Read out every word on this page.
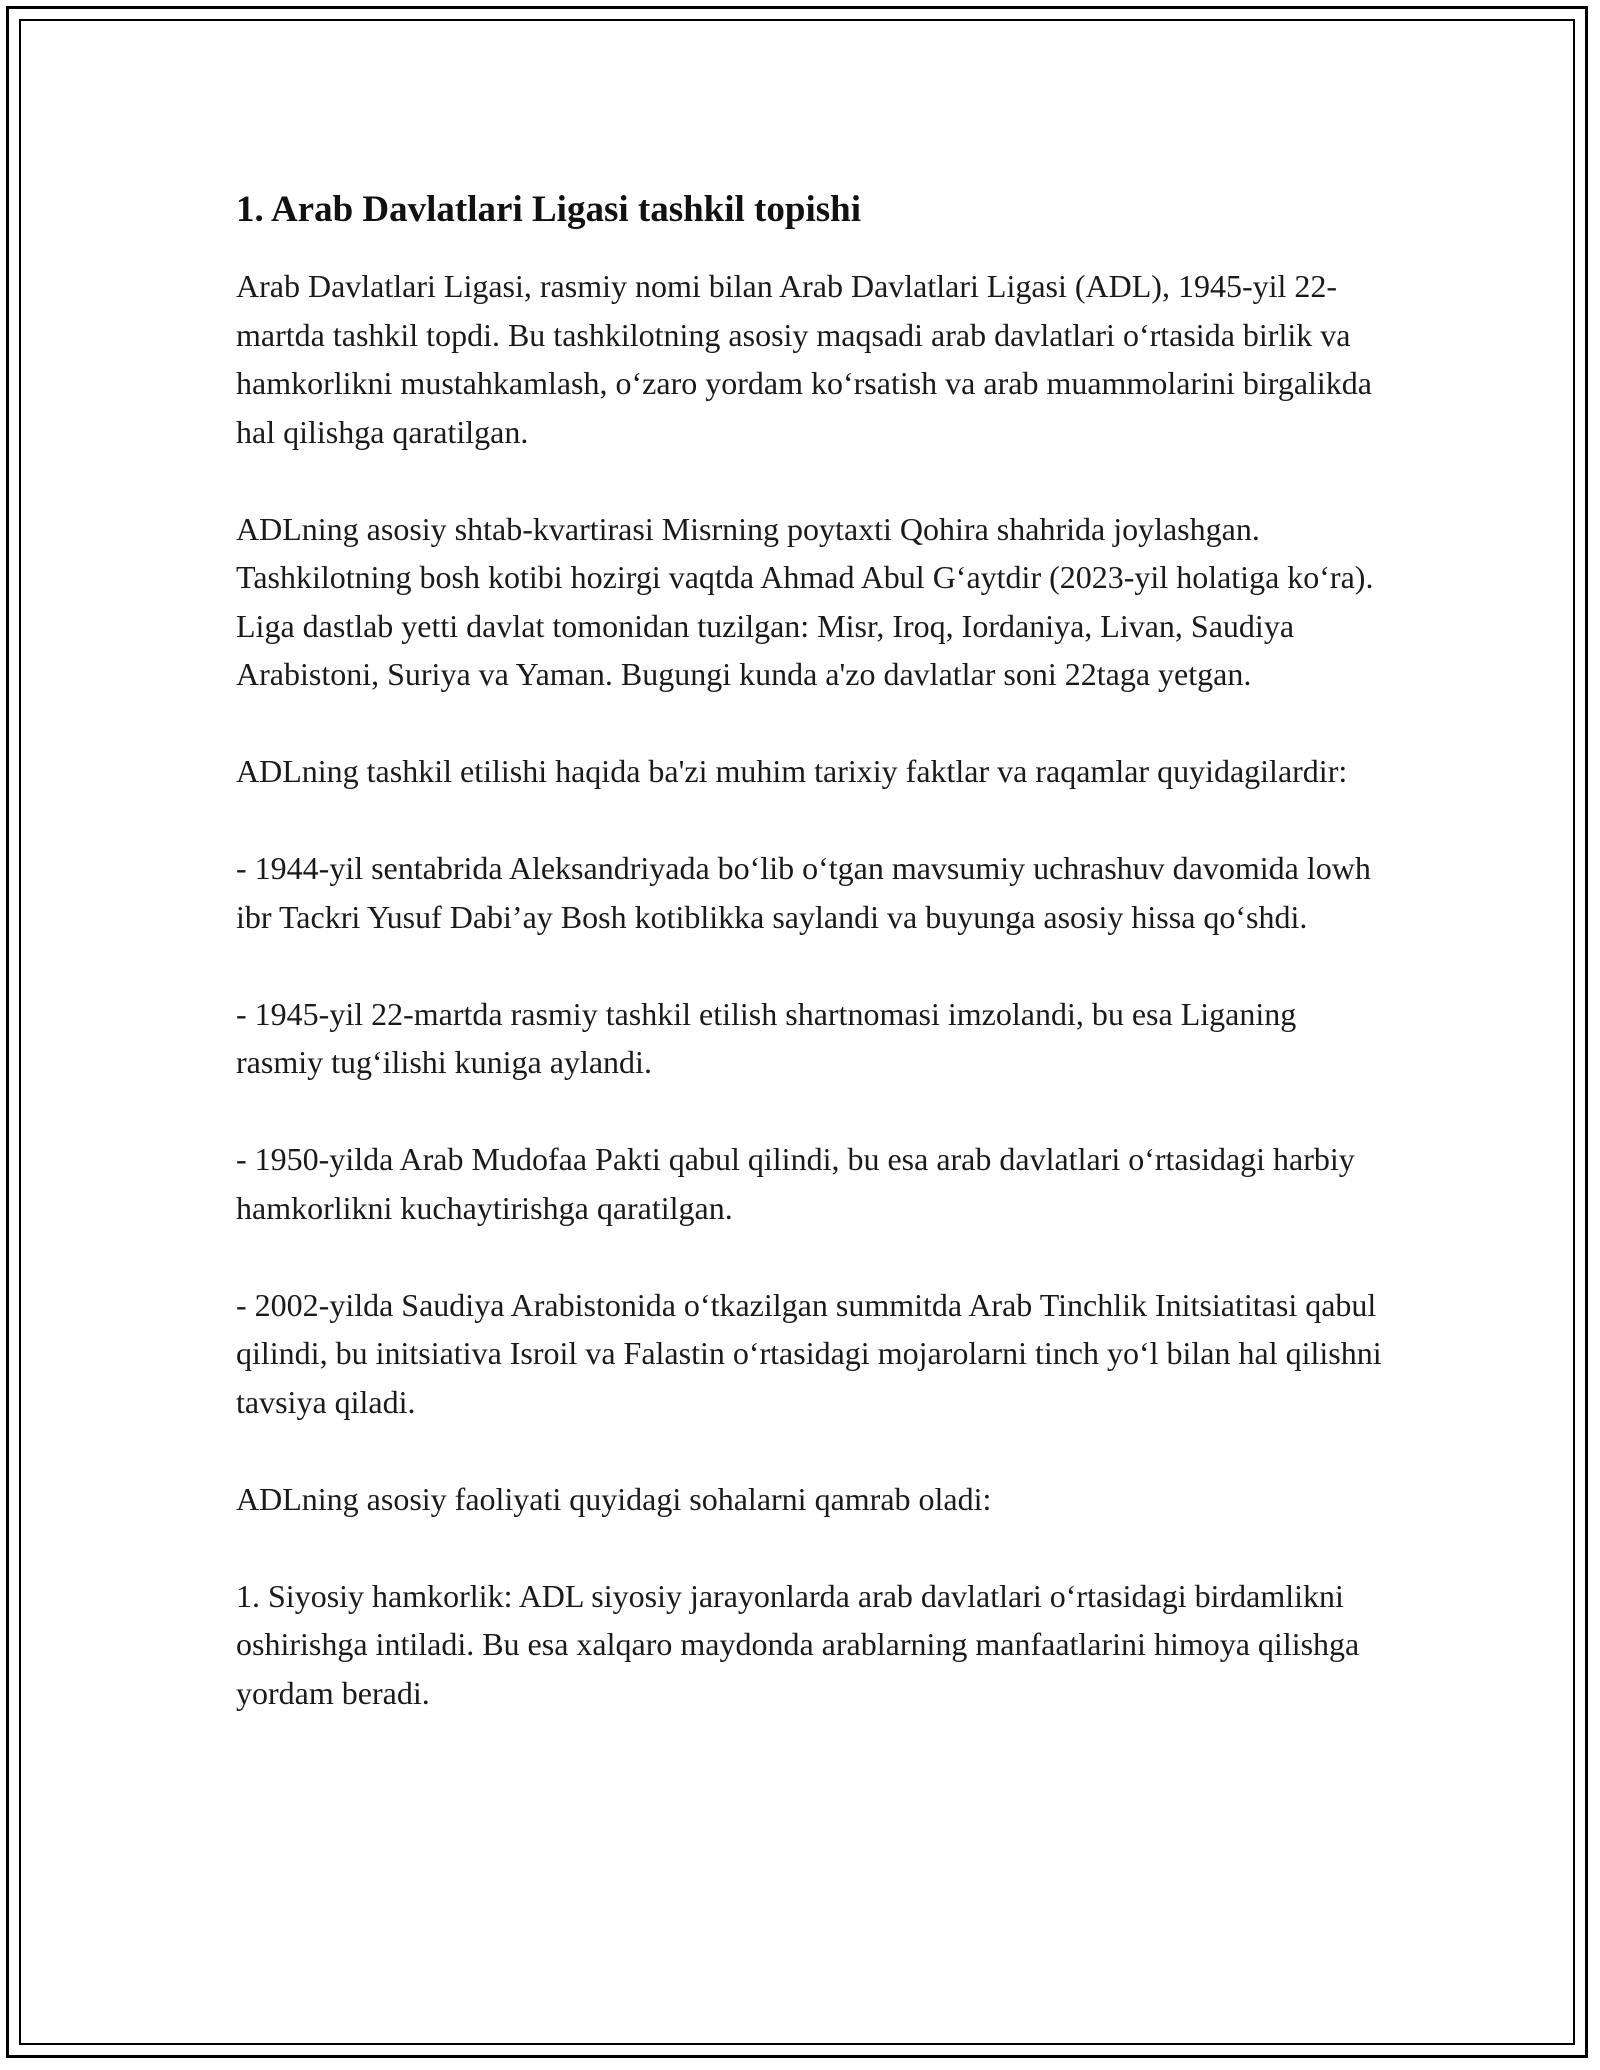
1. Arab Davlatlari Ligasi tashkil topishi

Arab Davlatlari Ligasi, rasmiy nomi bilan Arab Davlatlari Ligasi (ADL), 1945-yil 22-martda tashkil topdi. Bu tashkilotning asosiy maqsadi arab davlatlari o‘rtasida birlik va hamkorlikni mustahkamlash, o‘zaro yordam ko‘rsatish va arab muammolarini birgalikda hal qilishga qaratilgan.

ADLning asosiy shtab-kvartirasi Misrning poytaxti Qohira shahrida joylashgan. Tashkilotning bosh kotibi hozirgi vaqtda Ahmad Abul G‘aytdir (2023-yil holatiga ko‘ra). Liga dastlab yetti davlat tomonidan tuzilgan: Misr, Iroq, Iordaniya, Livan, Saudiya Arabistoni, Suriya va Yaman. Bugungi kunda a'zo davlatlar soni 22taga yetgan.

ADLning tashkil etilishi haqida ba'zi muhim tarixiy faktlar va raqamlar quyidagilardir:

- 1944-yil sentabrida Aleksandriyada bo‘lib o‘tgan mavsumiy uchrashuv davomida lowh ibr Tackri Yusuf Dabi’ay Bosh kotiblikka saylandi va buyunga asosiy hissa qo‘shdi.

- 1945-yil 22-martda rasmiy tashkil etilish shartnomasi imzolandi, bu esa Liganing rasmiy tug‘ilishi kuniga aylandi.

- 1950-yilda Arab Mudofaa Pakti qabul qilindi, bu esa arab davlatlari o‘rtasidagi harbiy hamkorlikni kuchaytirishga qaratilgan.

- 2002-yilda Saudiya Arabistonida o‘tkazilgan summitda Arab Tinchlik Initsiatitasi qabul qilindi, bu initsiativa Isroil va Falastin o‘rtasidagi mojarolarni tinch yo‘l bilan hal qilishni tavsiya qiladi.

ADLning asosiy faoliyati quyidagi sohalarni qamrab oladi:

1. Siyosiy hamkorlik: ADL siyosiy jarayonlarda arab davlatlari o‘rtasidagi birdamlikni oshirishga intiladi. Bu esa xalqaro maydonda arablarning manfaatlarini himoya qilishga yordam beradi.
